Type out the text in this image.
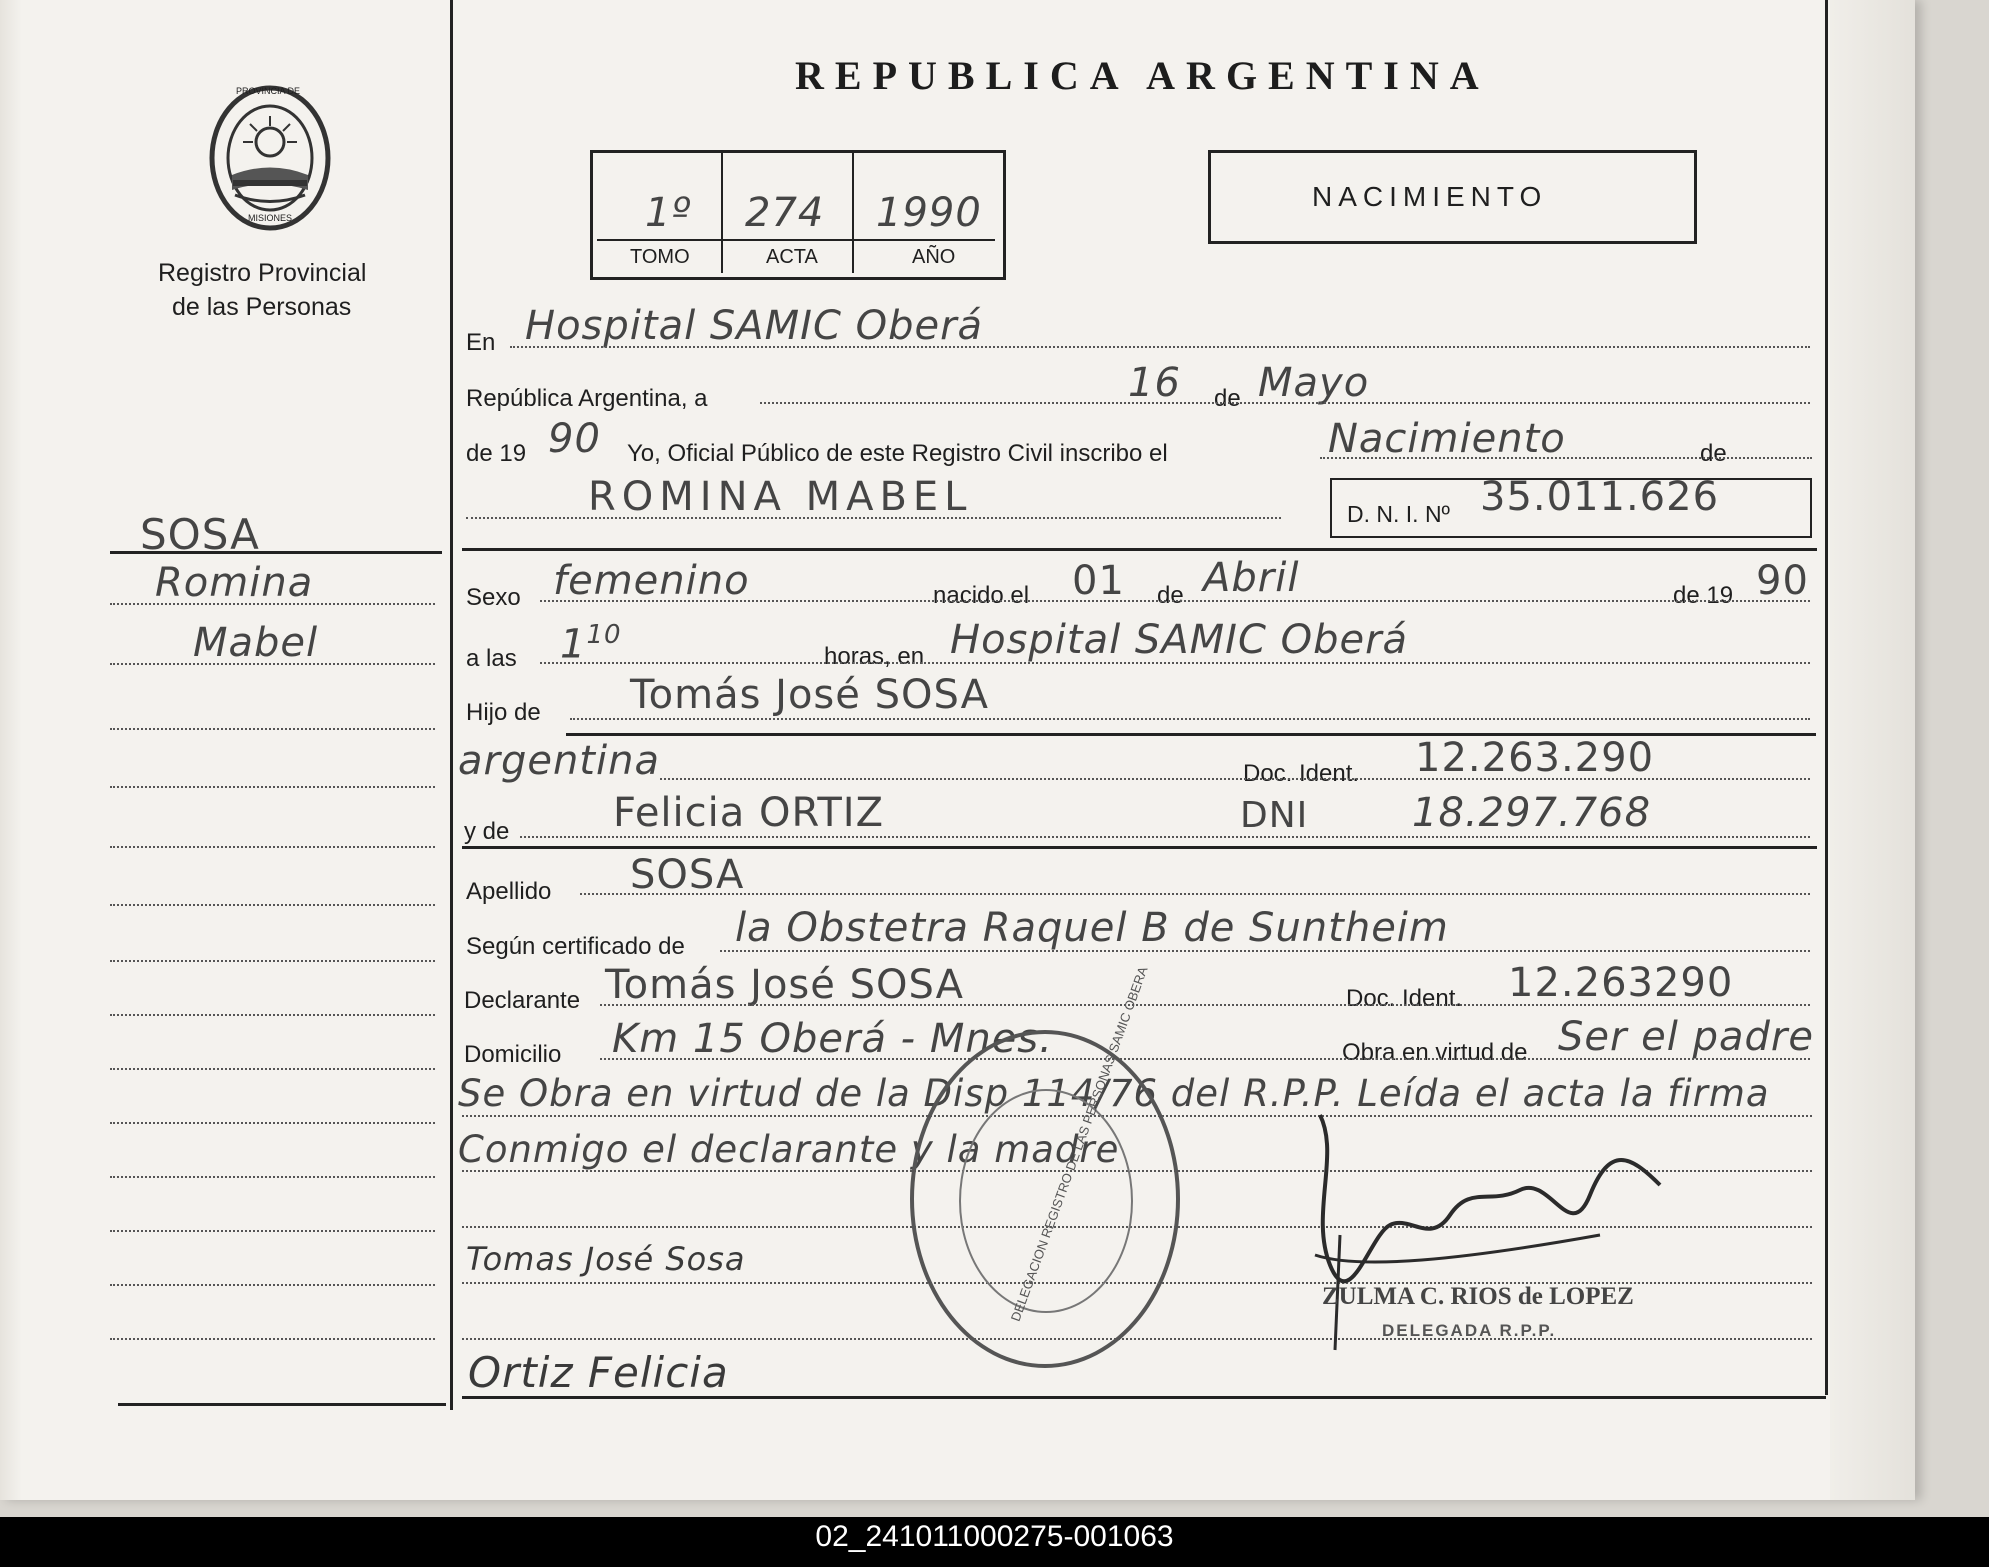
REPUBLICA ARGENTINA
PROVINCIA DE
MISIONES
Registro Provincial
de las Personas
1º 274 1990
TOMO	ACTA	AÑO
NACIMIENTO
SOSA
Romina
Mabel
En Hospital SAMIC Oberá
República Argentina, a	16 de Mayo
de 19 90 Yo, Oficial Público de este Registro Civil inscribo el	Nacimiento	de
ROMINA MABEL	D. N. I. Nº 35.011.626
Sexo femenino	nacido el 01 de Abril	de 19 90
a las $1^{10}$
horas, en Hospital SAMIC Oberá
Hijo de Tomás José SOSA
argentina	Doc. Ident. 12.263.290
y de	Felicia ORTIZ	DNI	18.297.768
Apellido SOSA
Según certificado de la Obstetra Raquel B de Suntheim
Declarante Tomás José SOSA	Doc. Ident. 12.263290
Domicilio Km 15 Oberá - Mnes.	Obra en virtud de Ser el padre
Se Obra en virtud de la Disp 114/76 del R.P.P. Leída el acta la firma
Conmigo el declarante y la madre
Tomas José Sosa
Ortiz Felicia
DELEGACION REGISTRO DE LAS PERSONAS SAMIC OBERA	ZULMA C. RIOS de LOPEZ
DELEGADA R.P.P.
02_241011000275-001063
